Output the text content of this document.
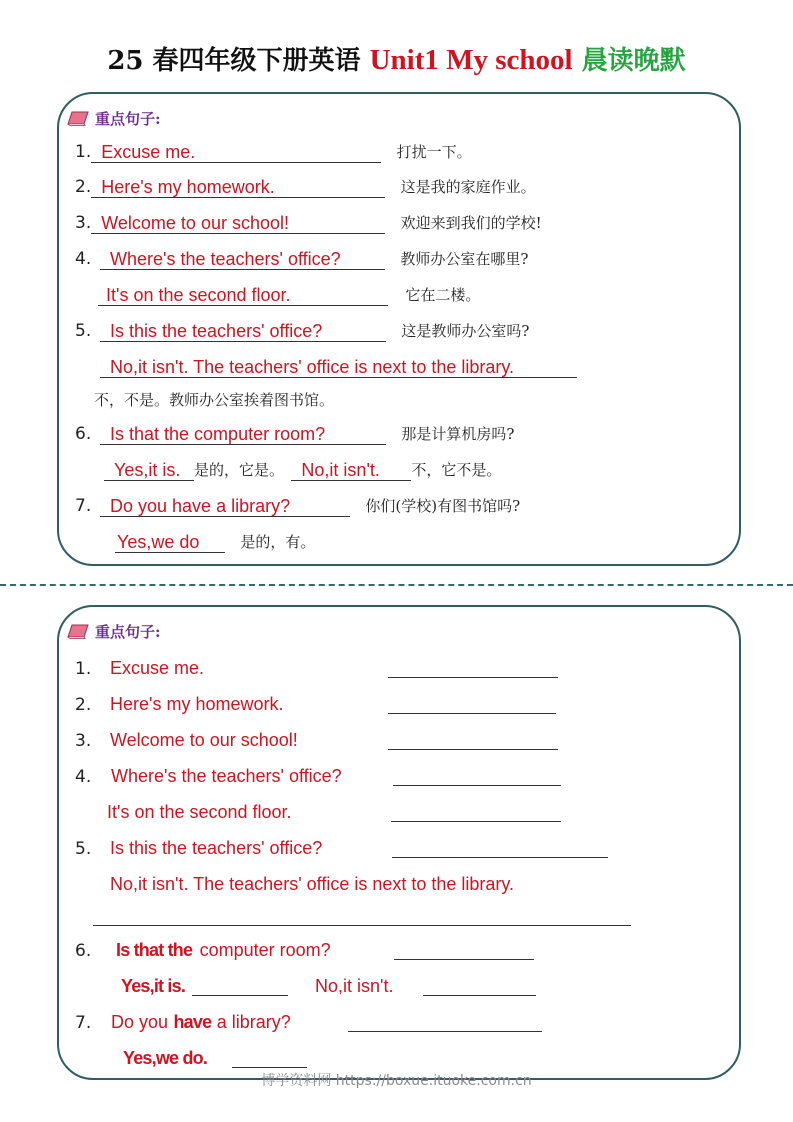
25 春四年级下册英语 Unit1 My school 晨读晚默
重点句子:
1. Excuse me.	打扰一下。
2. Here's my homework.	这是我的家庭作业。
3. Welcome to our school!	欢迎来到我们的学校!
4. Where's the teachers' office?	教师办公室在哪里?
It's on the second floor.	它在二楼。
5. Is this the teachers' office?	这是教师办公室吗?
No,it isn't. The teachers' office is next to the library.
不，不是。教师办公室挨着图书馆。
6. Is that the computer room?	那是计算机房吗?
Yes,it is. 是的，它是。 No,it isn't. 不，它不是。
7. Do you have a library?	你们(学校)有图书馆吗?
Yes,we do	是的，有。
重点句子:
1. Excuse me.
2. Here's my homework.
3. Welcome to our school!
4. Where's the teachers' office?
It's on the second floor.
5. Is this the teachers' office?
No,it isn't. The teachers' office is next to the library.
6. Is that the computer room?
Yes,it is.	No,it isn't.
7. Do you have a library?
Yes,we do.
博学资料网 https://boxue.ituoke.com.cn
